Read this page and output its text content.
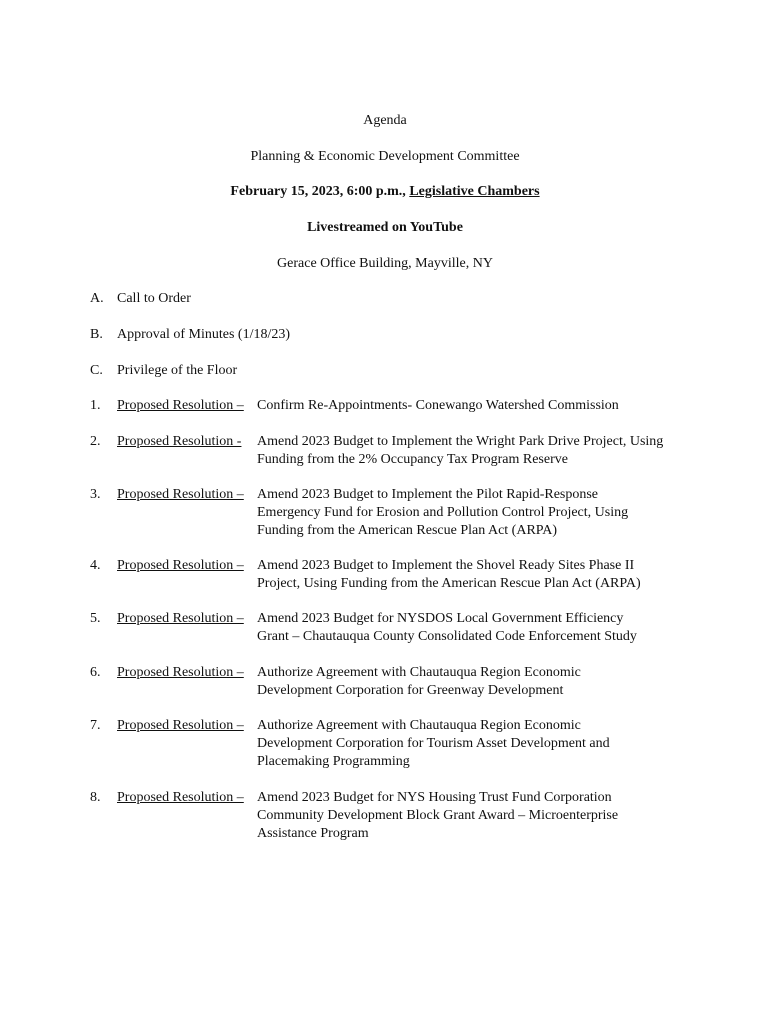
Agenda
Planning & Economic Development Committee
February 15, 2023, 6:00 p.m., Legislative Chambers
Livestreamed on YouTube
Gerace Office Building, Mayville, NY
A. Call to Order
B. Approval of Minutes (1/18/23)
C. Privilege of the Floor
1. Proposed Resolution – Confirm Re-Appointments- Conewango Watershed Commission
2. Proposed Resolution - Amend 2023 Budget to Implement the Wright Park Drive Project, Using
Funding from the 2% Occupancy Tax Program Reserve
3. Proposed Resolution – Amend 2023 Budget to Implement the Pilot Rapid-Response
Emergency Fund for Erosion and Pollution Control Project, Using
Funding from the American Rescue Plan Act (ARPA)
4. Proposed Resolution – Amend 2023 Budget to Implement the Shovel Ready Sites Phase II
Project, Using Funding from the American Rescue Plan Act (ARPA)
5. Proposed Resolution – Amend 2023 Budget for NYSDOS Local Government Efficiency
Grant – Chautauqua County Consolidated Code Enforcement Study
6. Proposed Resolution – Authorize Agreement with Chautauqua Region Economic
Development Corporation for Greenway Development
7. Proposed Resolution – Authorize Agreement with Chautauqua Region Economic
Development Corporation for Tourism Asset Development and
Placemaking Programming
8. Proposed Resolution – Amend 2023 Budget for NYS Housing Trust Fund Corporation
Community Development Block Grant Award – Microenterprise
Assistance Program
